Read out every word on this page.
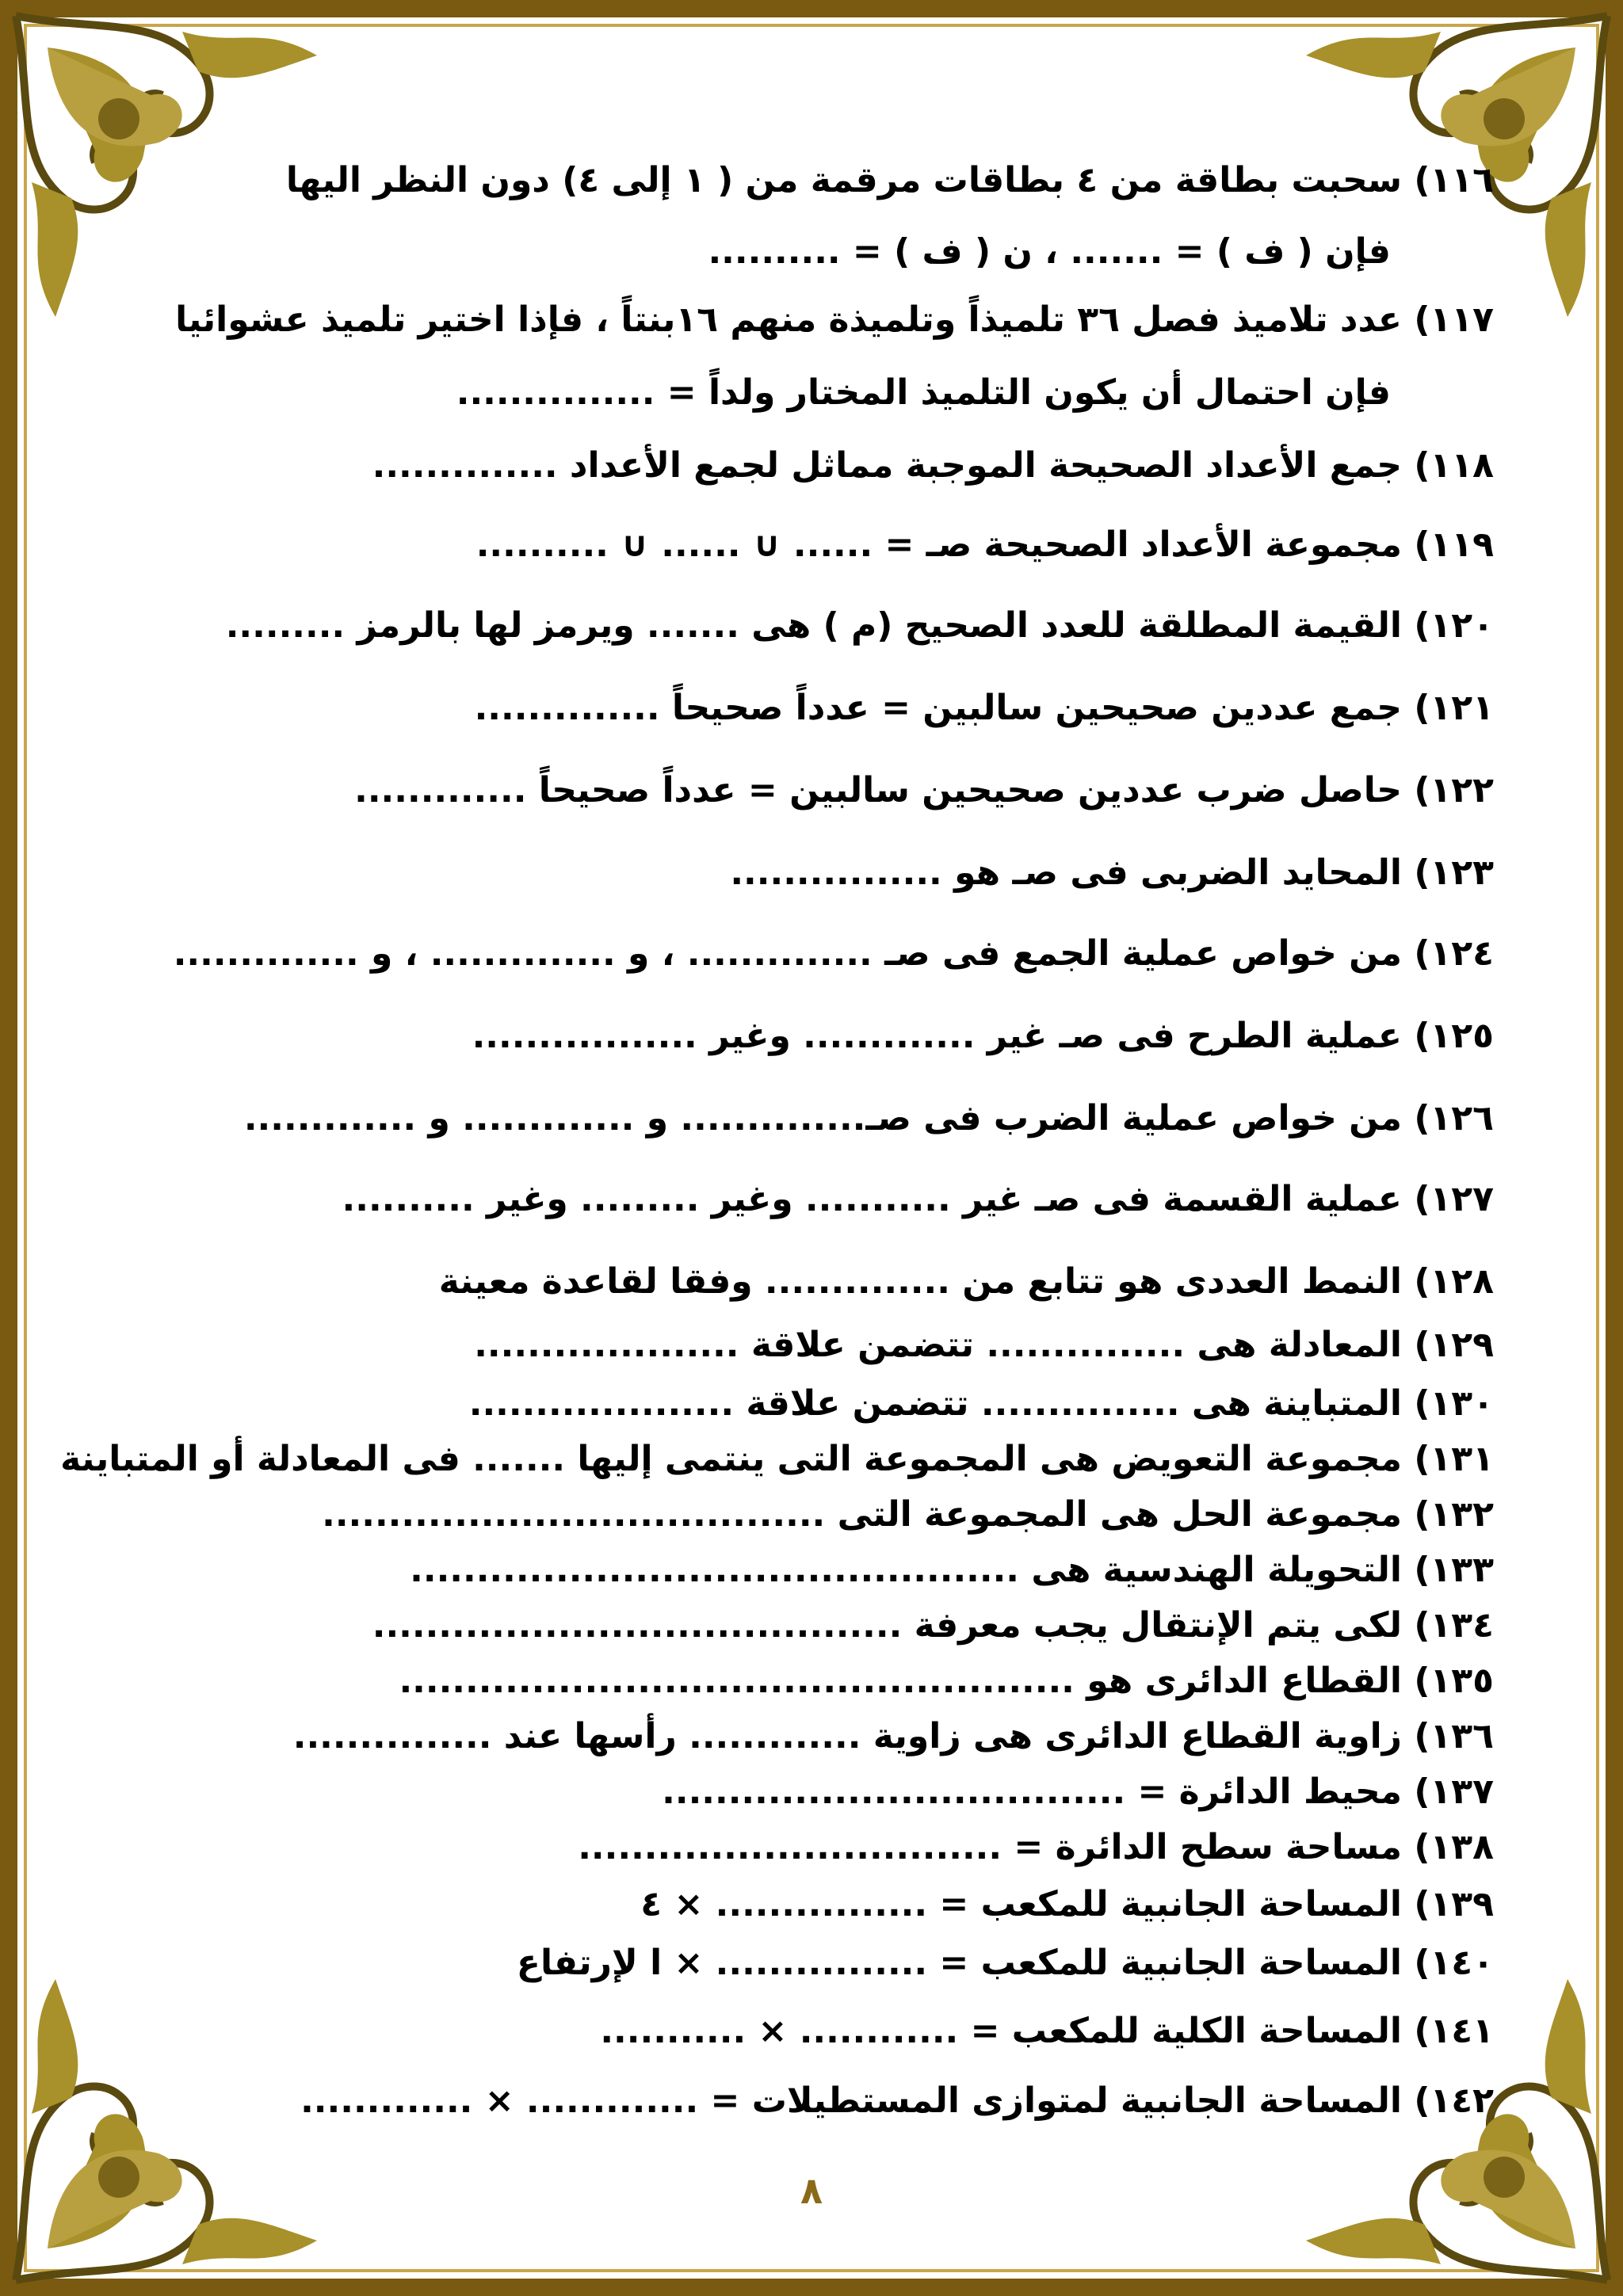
١١٦) سحبت بطاقة من ٤ بطاقات مرقمة من ( ١ إلى ٤) دون النظر اليها
فإن ( ف ) = ....... ، ن ( ف ) = ..........
١١٧) عدد تلاميذ فصل ٣٦ تلميذاً وتلميذة منهم ١٦بنتاً ، فإذا اختير تلميذ عشوائيا
فإن احتمال أن يكون التلميذ المختار ولداً = ...............
١١٨) جمع الأعداد الصحيحة الموجبة مماثل لجمع الأعداد ..............
١١٩) مجموعة الأعداد الصحيحة صـ = ...... ∪ ...... ∪ ..........
١٢٠) القيمة المطلقة للعدد الصحيح (م ) هى ....... ويرمز لها بالرمز .........
١٢١) جمع عددين صحيحين سالبين = عدداً صحيحاً ..............
١٢٢) حاصل ضرب عددين صحيحين سالبين = عدداً صحيحاً .............
١٢٣) المحايد الضربى فى صـ هو ................
١٢٤) من خواص عملية الجمع فى صـ .............. ، و .............. ، و ..............
١٢٥) عملية الطرح فى صـ غير ............. وغير .................
١٢٦) من خواص عملية الضرب فى صـ.............. و ............. و .............
١٢٧) عملية القسمة فى صـ غير ........... وغير ......... وغير ..........
١٢٨) النمط العددى هو تتابع من .............. وفقا لقاعدة معينة
١٢٩) المعادلة هى ............... تتضمن علاقة ....................
١٣٠) المتباينة هى ............... تتضمن علاقة ....................
١٣١) مجموعة التعويض هى المجموعة التى ينتمى إليها ....... فى المعادلة أو المتباينة
١٣٢) مجموعة الحل هى المجموعة التى ......................................
١٣٣) التحويلة الهندسية هى ..............................................
١٣٤) لكى يتم الإنتقال يجب معرفة ........................................
١٣٥) القطاع الدائرى هو ...................................................
١٣٦) زاوية القطاع الدائرى هى زاوية ............. رأسها عند ...............
١٣٧) محيط الدائرة = ...................................
١٣٨) مساحة سطح الدائرة = ................................
١٣٩) المساحة الجانبية للمكعب = ................ × ٤
١٤٠) المساحة الجانبية للمكعب = ................ × ا لإرتفاع
١٤١) المساحة الكلية للمكعب = ............ × ...........
١٤٢) المساحة الجانبية لمتوازى المستطيلات = ............. × .............
٨
